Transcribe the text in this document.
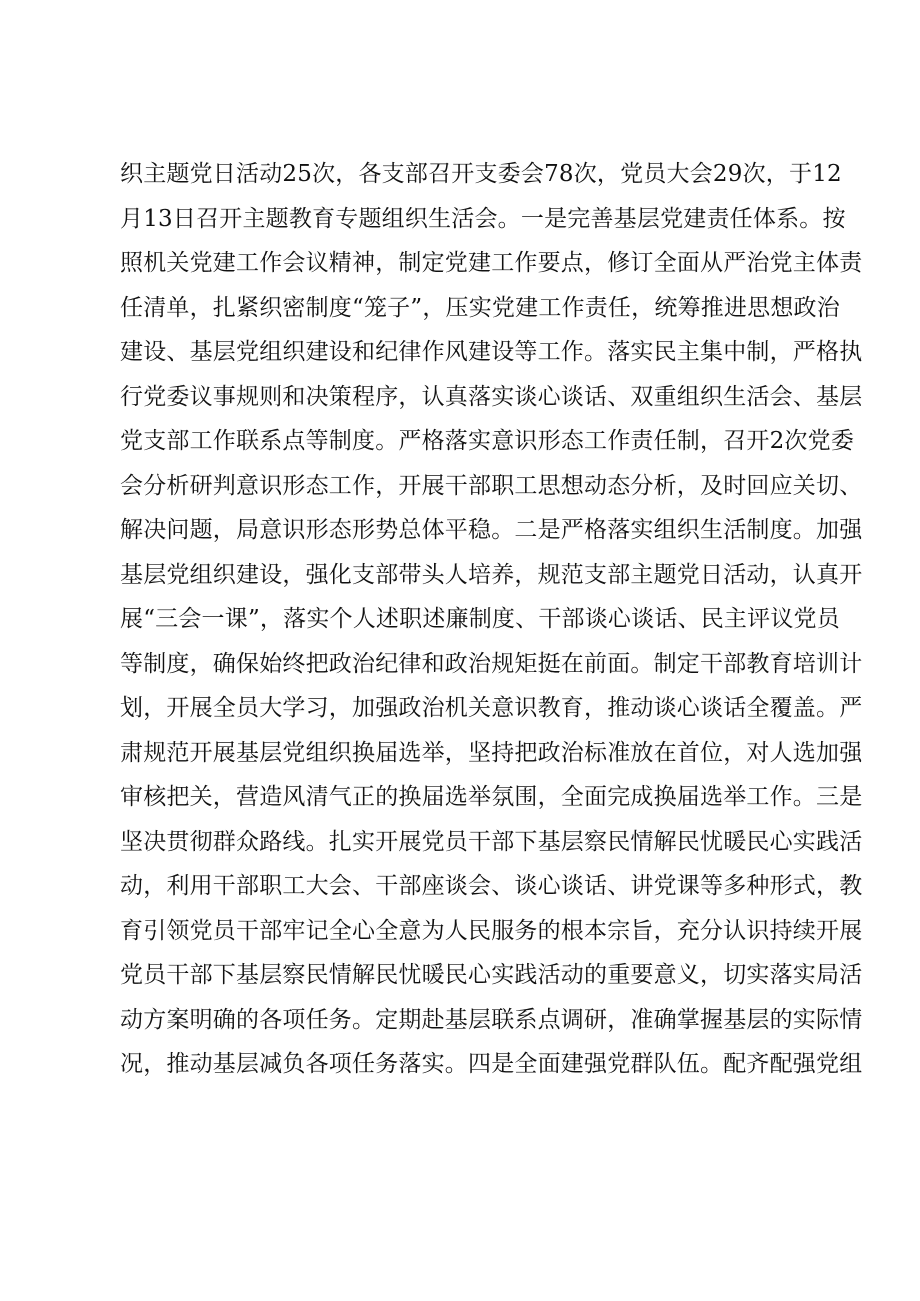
织主题党日活动25次，各支部召开支委会78次，党员大会29次，于12
月13日召开主题教育专题组织生活会。一是完善基层党建责任体系。按
照机关党建工作会议精神，制定党建工作要点，修订全面从严治党主体责
任清单，扎紧织密制度“笼子”，压实党建工作责任，统筹推进思想政治
建设、基层党组织建设和纪律作风建设等工作。落实民主集中制，严格执
行党委议事规则和决策程序，认真落实谈心谈话、双重组织生活会、基层
党支部工作联系点等制度。严格落实意识形态工作责任制，召开2次党委
会分析研判意识形态工作，开展干部职工思想动态分析，及时回应关切、
解决问题，局意识形态形势总体平稳。二是严格落实组织生活制度。加强
基层党组织建设，强化支部带头人培养，规范支部主题党日活动，认真开
展“三会一课”，落实个人述职述廉制度、干部谈心谈话、民主评议党员
等制度，确保始终把政治纪律和政治规矩挺在前面。制定干部教育培训计
划，开展全员大学习，加强政治机关意识教育，推动谈心谈话全覆盖。严
肃规范开展基层党组织换届选举，坚持把政治标准放在首位，对人选加强
审核把关，营造风清气正的换届选举氛围，全面完成换届选举工作。三是
坚决贯彻群众路线。扎实开展党员干部下基层察民情解民忧暖民心实践活
动，利用干部职工大会、干部座谈会、谈心谈话、讲党课等多种形式，教
育引领党员干部牢记全心全意为人民服务的根本宗旨，充分认识持续开展
党员干部下基层察民情解民忧暖民心实践活动的重要意义，切实落实局活
动方案明确的各项任务。定期赴基层联系点调研，准确掌握基层的实际情
况，推动基层减负各项任务落实。四是全面建强党群队伍。配齐配强党组
